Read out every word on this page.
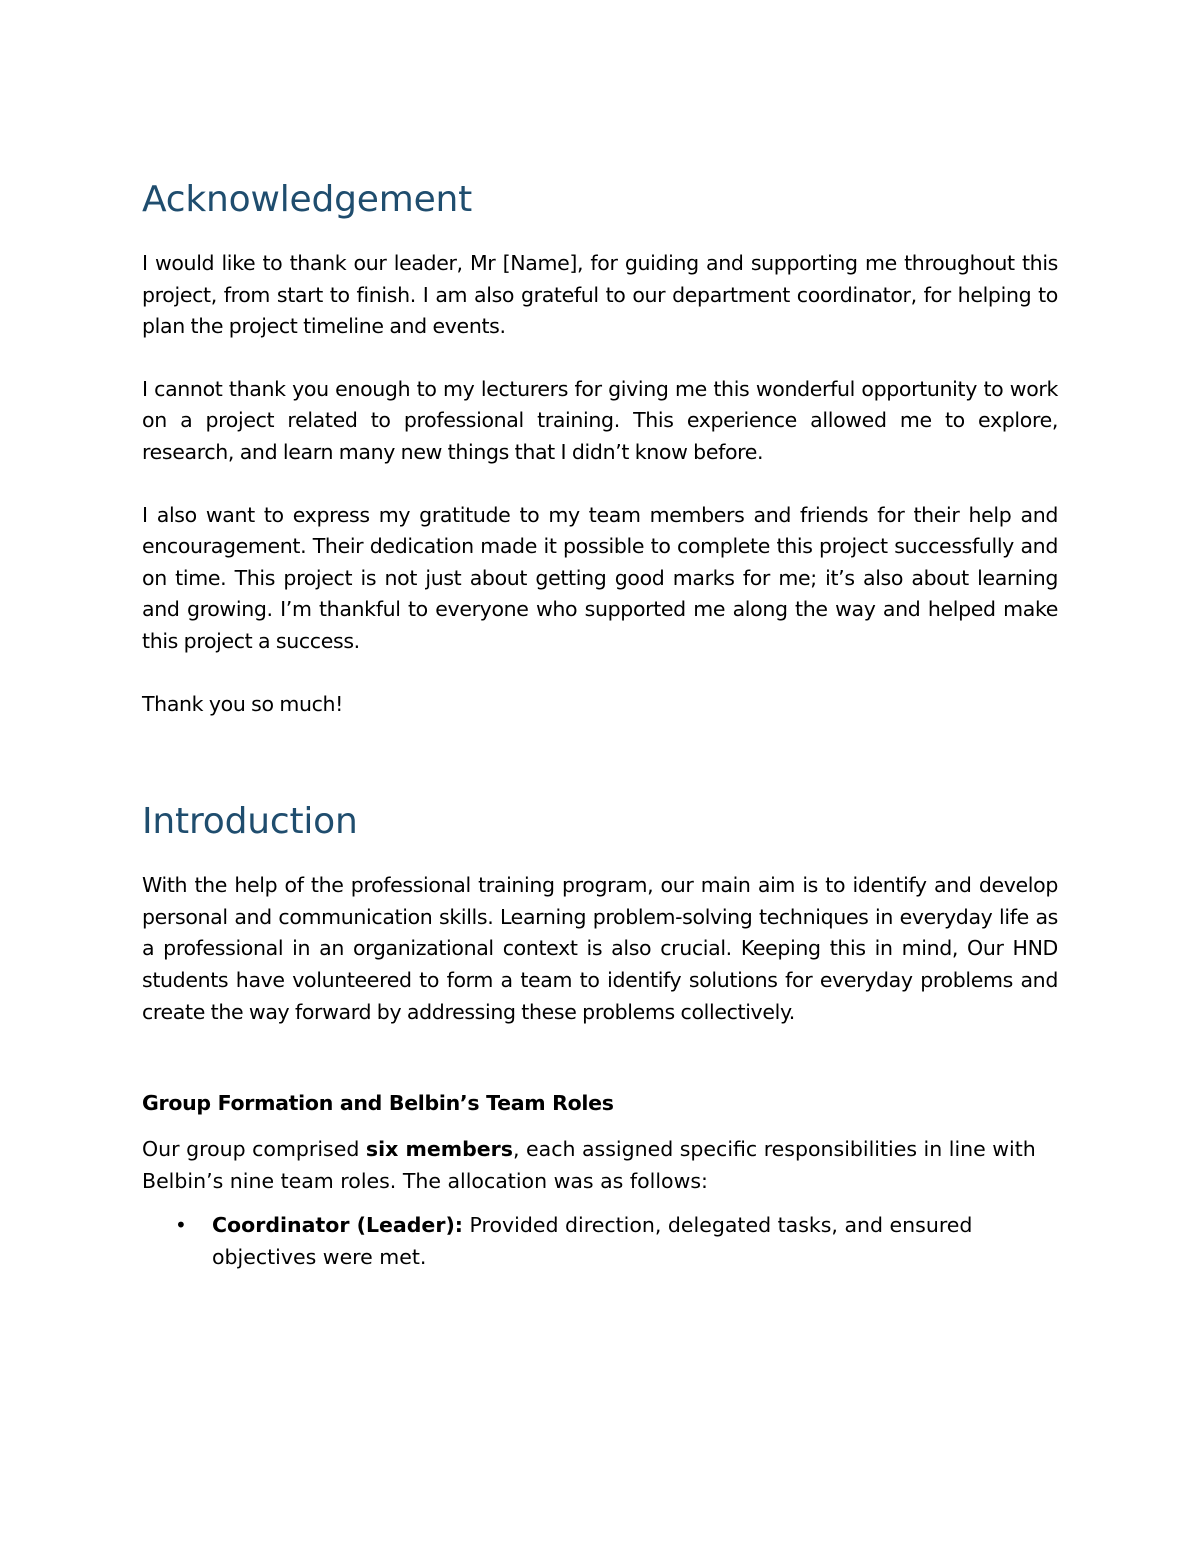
Acknowledgement

I would like to thank our leader, Mr [Name], for guiding and supporting me throughout this project, from start to finish. I am also grateful to our department coordinator, for helping to plan the project timeline and events.

I cannot thank you enough to my lecturers for giving me this wonderful opportunity to work on a project related to professional training. This experience allowed me to explore, research, and learn many new things that I didn’t know before.

I also want to express my gratitude to my team members and friends for their help and encouragement. Their dedication made it possible to complete this project successfully and on time. This project is not just about getting good marks for me; it’s also about learning and growing. I’m thankful to everyone who supported me along the way and helped make this project a success.

Thank you so much!

Introduction

With the help of the professional training program, our main aim is to identify and develop personal and communication skills. Learning problem-solving techniques in everyday life as a professional in an organizational context is also crucial. Keeping this in mind, Our HND students have volunteered to form a team to identify solutions for everyday problems and create the way forward by addressing these problems collectively.

Group Formation and Belbin’s Team Roles

Our group comprised six members, each assigned specific responsibilities in line with Belbin’s nine team roles. The allocation was as follows:

• Coordinator (Leader): Provided direction, delegated tasks, and ensured objectives were met.
